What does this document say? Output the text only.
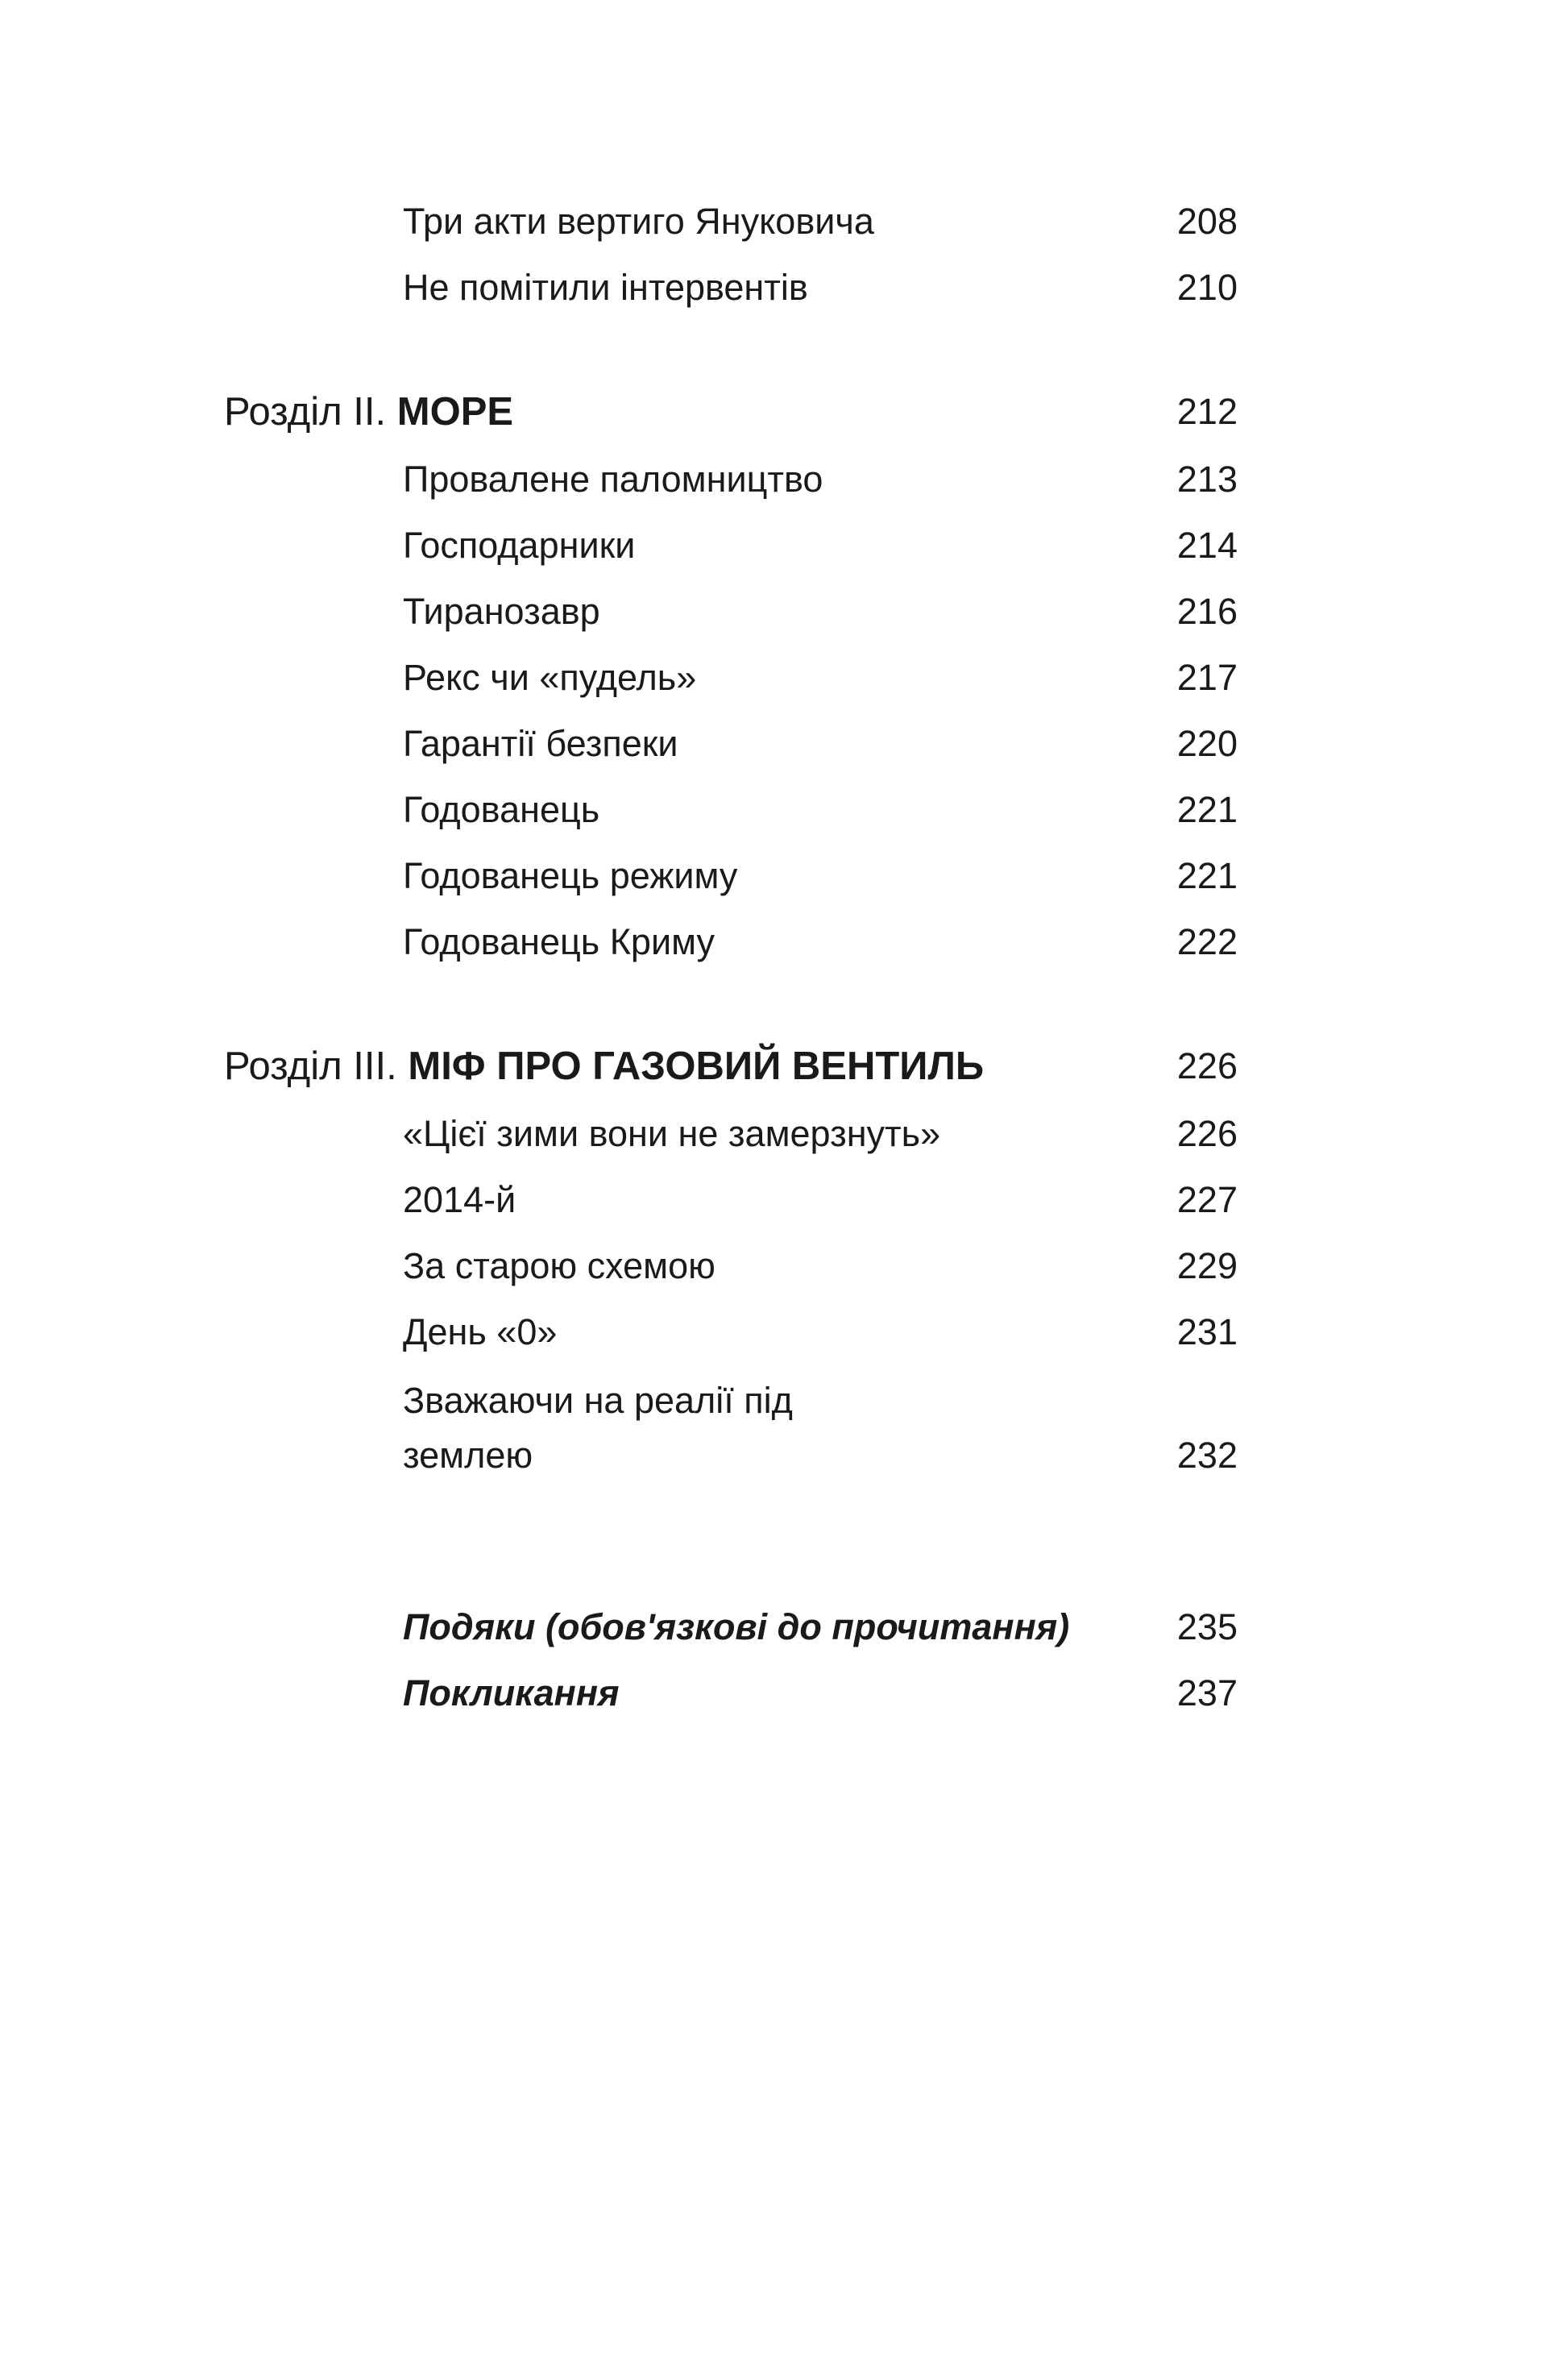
Три акти вертиго Януковича	208
Не помітили інтервентів	210
Розділ II. МОРЕ	212
Провалене паломництво	213
Господарники	214
Тиранозавр	216
Рекс чи «пудель»	217
Гарантії безпеки	220
Годованець	221
Годованець режиму	221
Годованець Криму	222
Розділ III. МІФ ПРО ГАЗОВИЙ ВЕНТИЛЬ	226
«Цієї зими вони не замерзнуть»	226
2014-й	227
За старою схемою	229
День «0»	231
Зважаючи на реалії під землею	232
Подяки (обов'язкові до прочитання)	235
Покликання	237
